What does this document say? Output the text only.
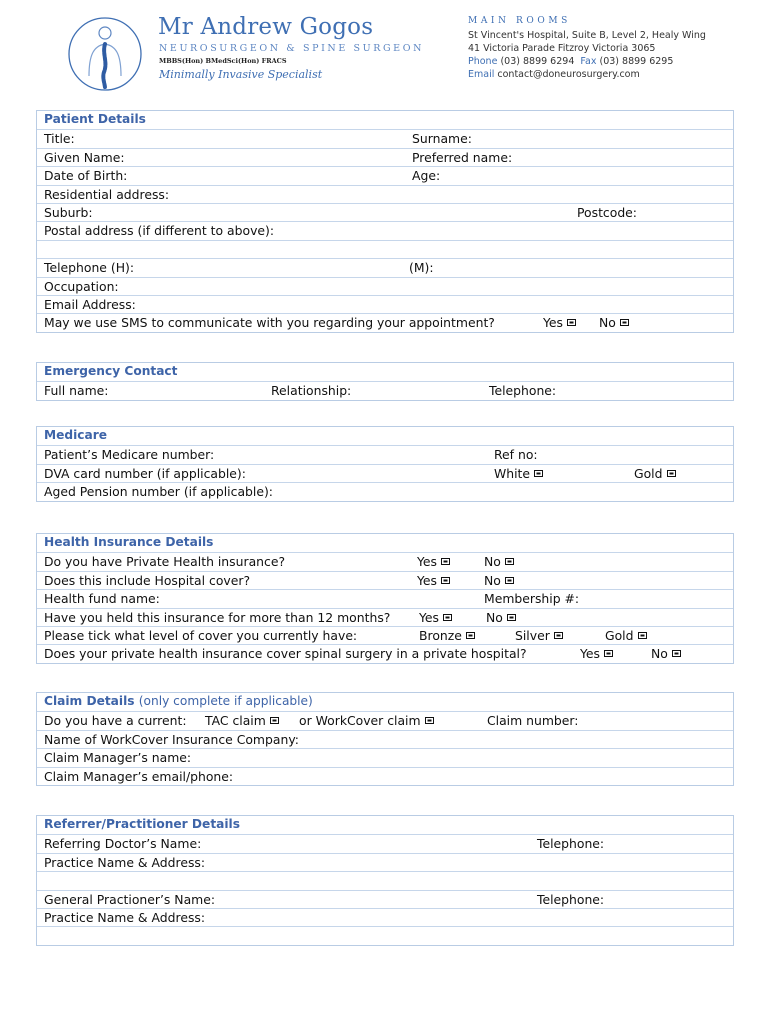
Mr Andrew Gogos
NEUROSURGEON & SPINE SURGEON
MBBS(Hon) BMedSci(Hon) FRACS
Minimally Invasive Specialist
MAIN ROOMS
St Vincent's Hospital, Suite B, Level 2, Healy Wing
41 Victoria Parade Fitzroy Victoria 3065
Phone (03) 8899 6294 Fax (03) 8899 6295
Email contact@doneurosurgery.com
Patient Details
Title:	Surname:
Given Name:	Preferred name:
Date of Birth:	Age:
Residential address:
Suburb:	Postcode:
Postal address (if different to above):
Telephone (H):	(M):
Occupation:
Email Address:
May we use SMS to communicate with you regarding your appointment?	Yes	No
Emergency Contact
Full name:	Relationship:	Telephone:
Medicare
Patient’s Medicare number:	Ref no:
DVA card number (if applicable):	White	Gold
Aged Pension number (if applicable):
Health Insurance Details
Do you have Private Health insurance?	Yes	No
Does this include Hospital cover?	Yes	No
Health fund name:	Membership #:
Have you held this insurance for more than 12 months? Yes	No
Please tick what level of cover you currently have:	Bronze	Silver	Gold
Does your private health insurance cover spinal surgery in a private hospital?	Yes	No
Claim Details (only complete if applicable)
Do you have a current: TAC claim	or WorkCover claim	Claim number:
Name of WorkCover Insurance Company:
Claim Manager’s name:
Claim Manager’s email/phone:
Referrer/Practitioner Details
Referring Doctor’s Name:	Telephone:
Practice Name & Address:
General Practioner’s Name:	Telephone:
Practice Name & Address:
